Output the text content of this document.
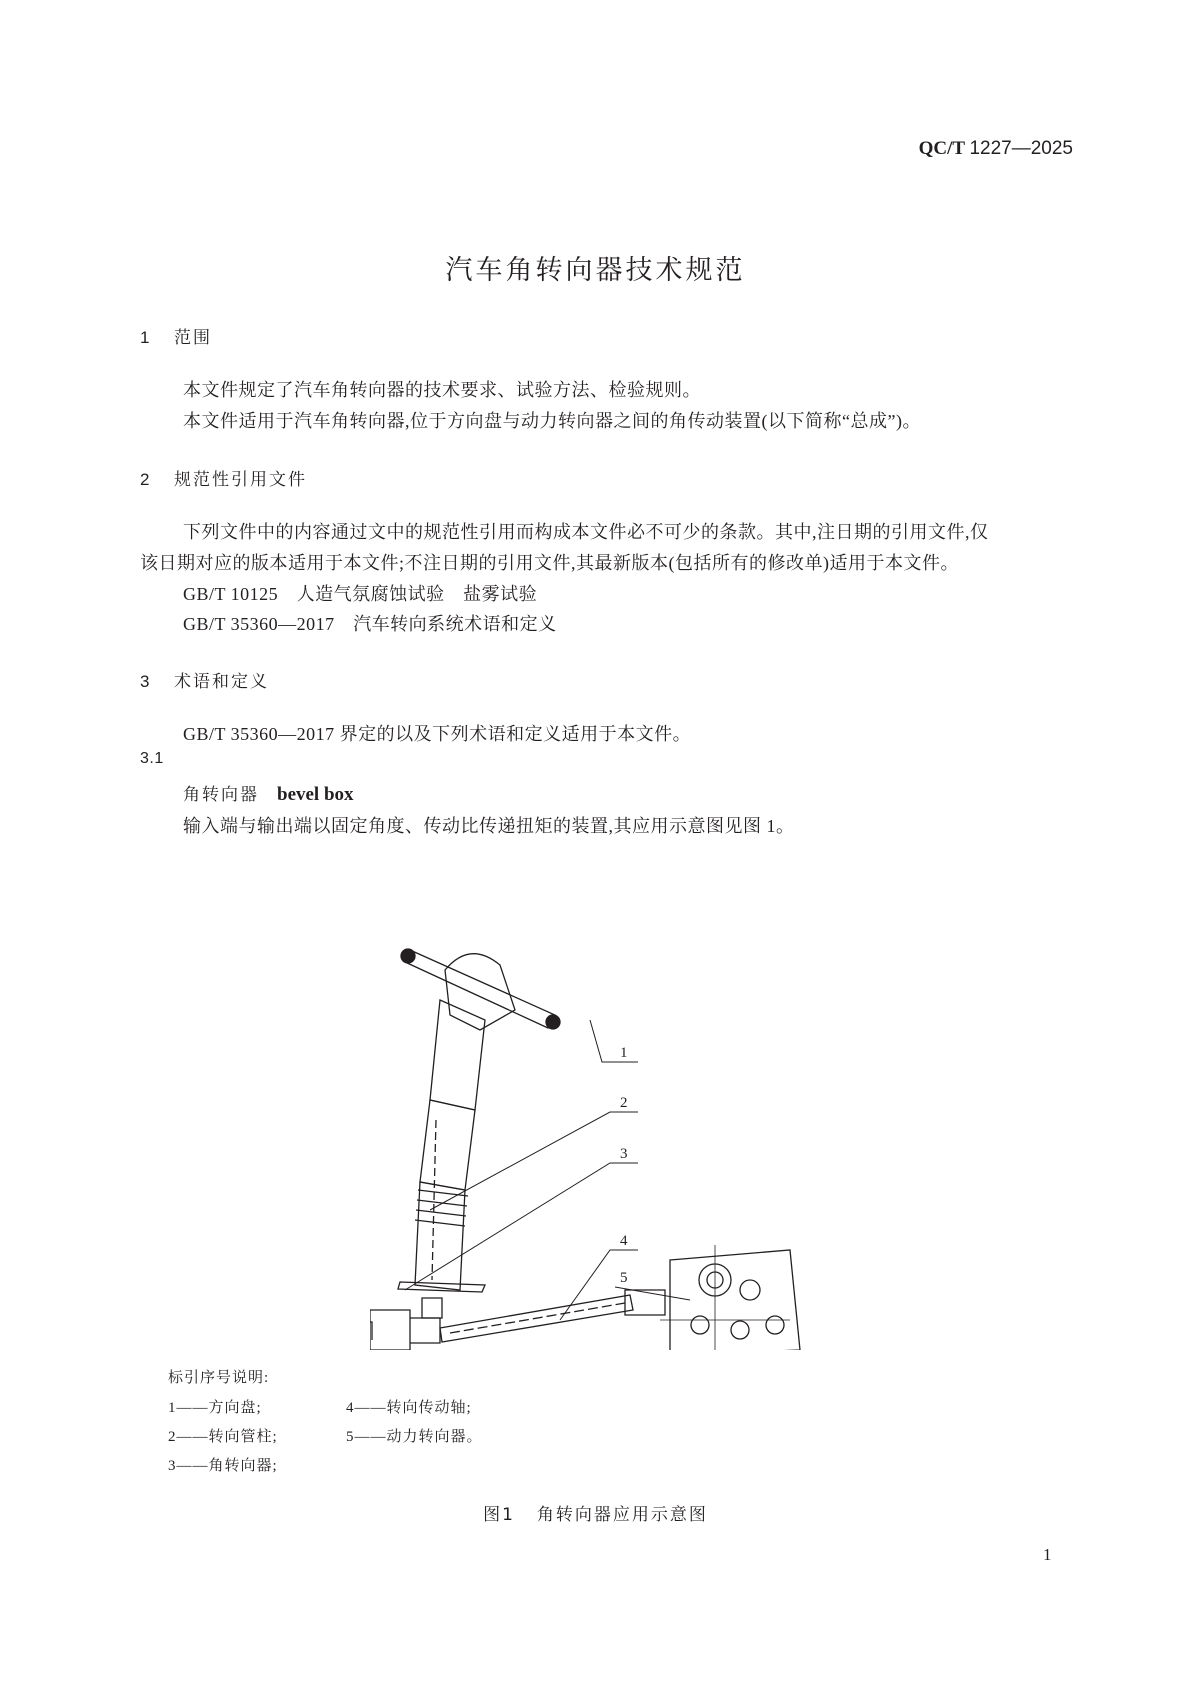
QC/T 1227—2025
汽车角转向器技术规范
1 范围
本文件规定了汽车角转向器的技术要求、试验方法、检验规则。
本文件适用于汽车角转向器,位于方向盘与动力转向器之间的角传动装置(以下简称“总成”)。
2 规范性引用文件
下列文件中的内容通过文中的规范性引用而构成本文件必不可少的条款。其中,注日期的引用文件,仅
该日期对应的版本适用于本文件;不注日期的引用文件,其最新版本(包括所有的修改单)适用于本文件。
GB/T 10125　 人造气氛腐蚀试验　盐雾试验
GB/T 35360—2017　 汽车转向系统术语和定义
3 术语和定义
GB/T 35360—2017 界定的以及下列术语和定义适用于本文件。
3.1
角转向器 bevel box
输入端与输出端以固定角度、传动比传递扭矩的装置,其应用示意图见图 1。
1
2
3
4
5
标引序号说明:
1——方向盘;
2——转向管柱;
3——角转向器;
4——转向传动轴;
5——动力转向器。
图1 角转向器应用示意图
1
